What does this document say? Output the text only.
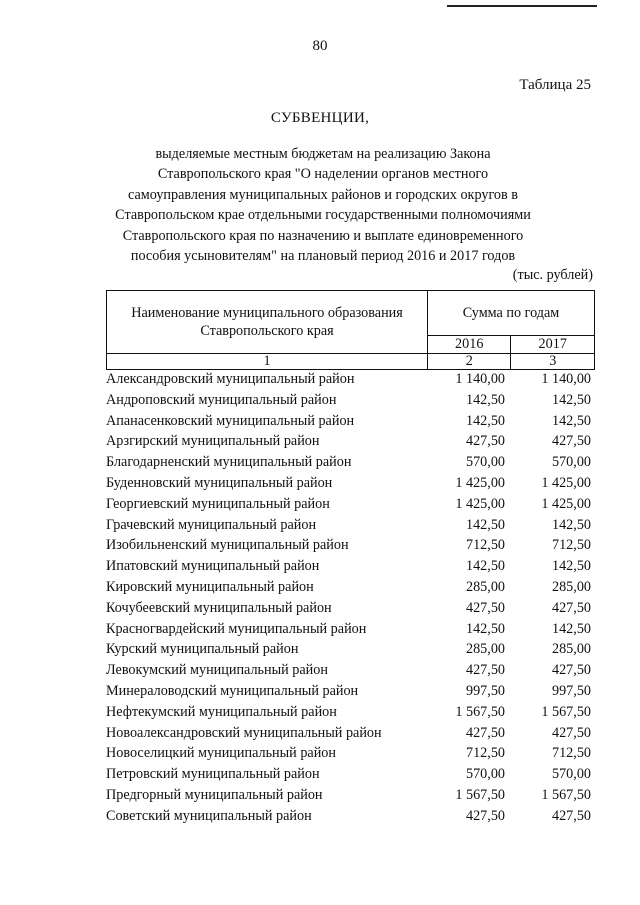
80
Таблица 25
СУБВЕНЦИИ,
выделяемые местным бюджетам на реализацию Закона Ставропольского края "О наделении органов местного самоуправления муниципальных районов и городских округов в Ставропольском крае отдельными государственными полномочиями Ставропольского края по назначению и выплате единовременного пособия усыновителям" на плановый период 2016 и 2017 годов
(тыс. рублей)
Наименование муниципального образования Ставропольского края	Сумма по годам	
	2016	2017
1	2	3
Александровский муниципальный район	1 140,00	1 140,00
Андроповский муниципальный район	142,50	142,50
Апанасенковский муниципальный район	142,50	142,50
Арзгирский муниципальный район	427,50	427,50
Благодарненский муниципальный район	570,00	570,00
Буденновский муниципальный район	1 425,00	1 425,00
Георгиевский муниципальный район	1 425,00	1 425,00
Грачевский муниципальный район	142,50	142,50
Изобильненский муниципальный район	712,50	712,50
Ипатовский муниципальный район	142,50	142,50
Кировский муниципальный район	285,00	285,00
Кочубеевский муниципальный район	427,50	427,50
Красногвардейский муниципальный район	142,50	142,50
Курский муниципальный район	285,00	285,00
Левокумский муниципальный район	427,50	427,50
Минераловодский муниципальный район	997,50	997,50
Нефтекумский муниципальный район	1 567,50	1 567,50
Новоалександровский муниципальный район	427,50	427,50
Новоселицкий муниципальный район	712,50	712,50
Петровский муниципальный район	570,00	570,00
Предгорный муниципальный район	1 567,50	1 567,50
Советский муниципальный район	427,50	427,50
